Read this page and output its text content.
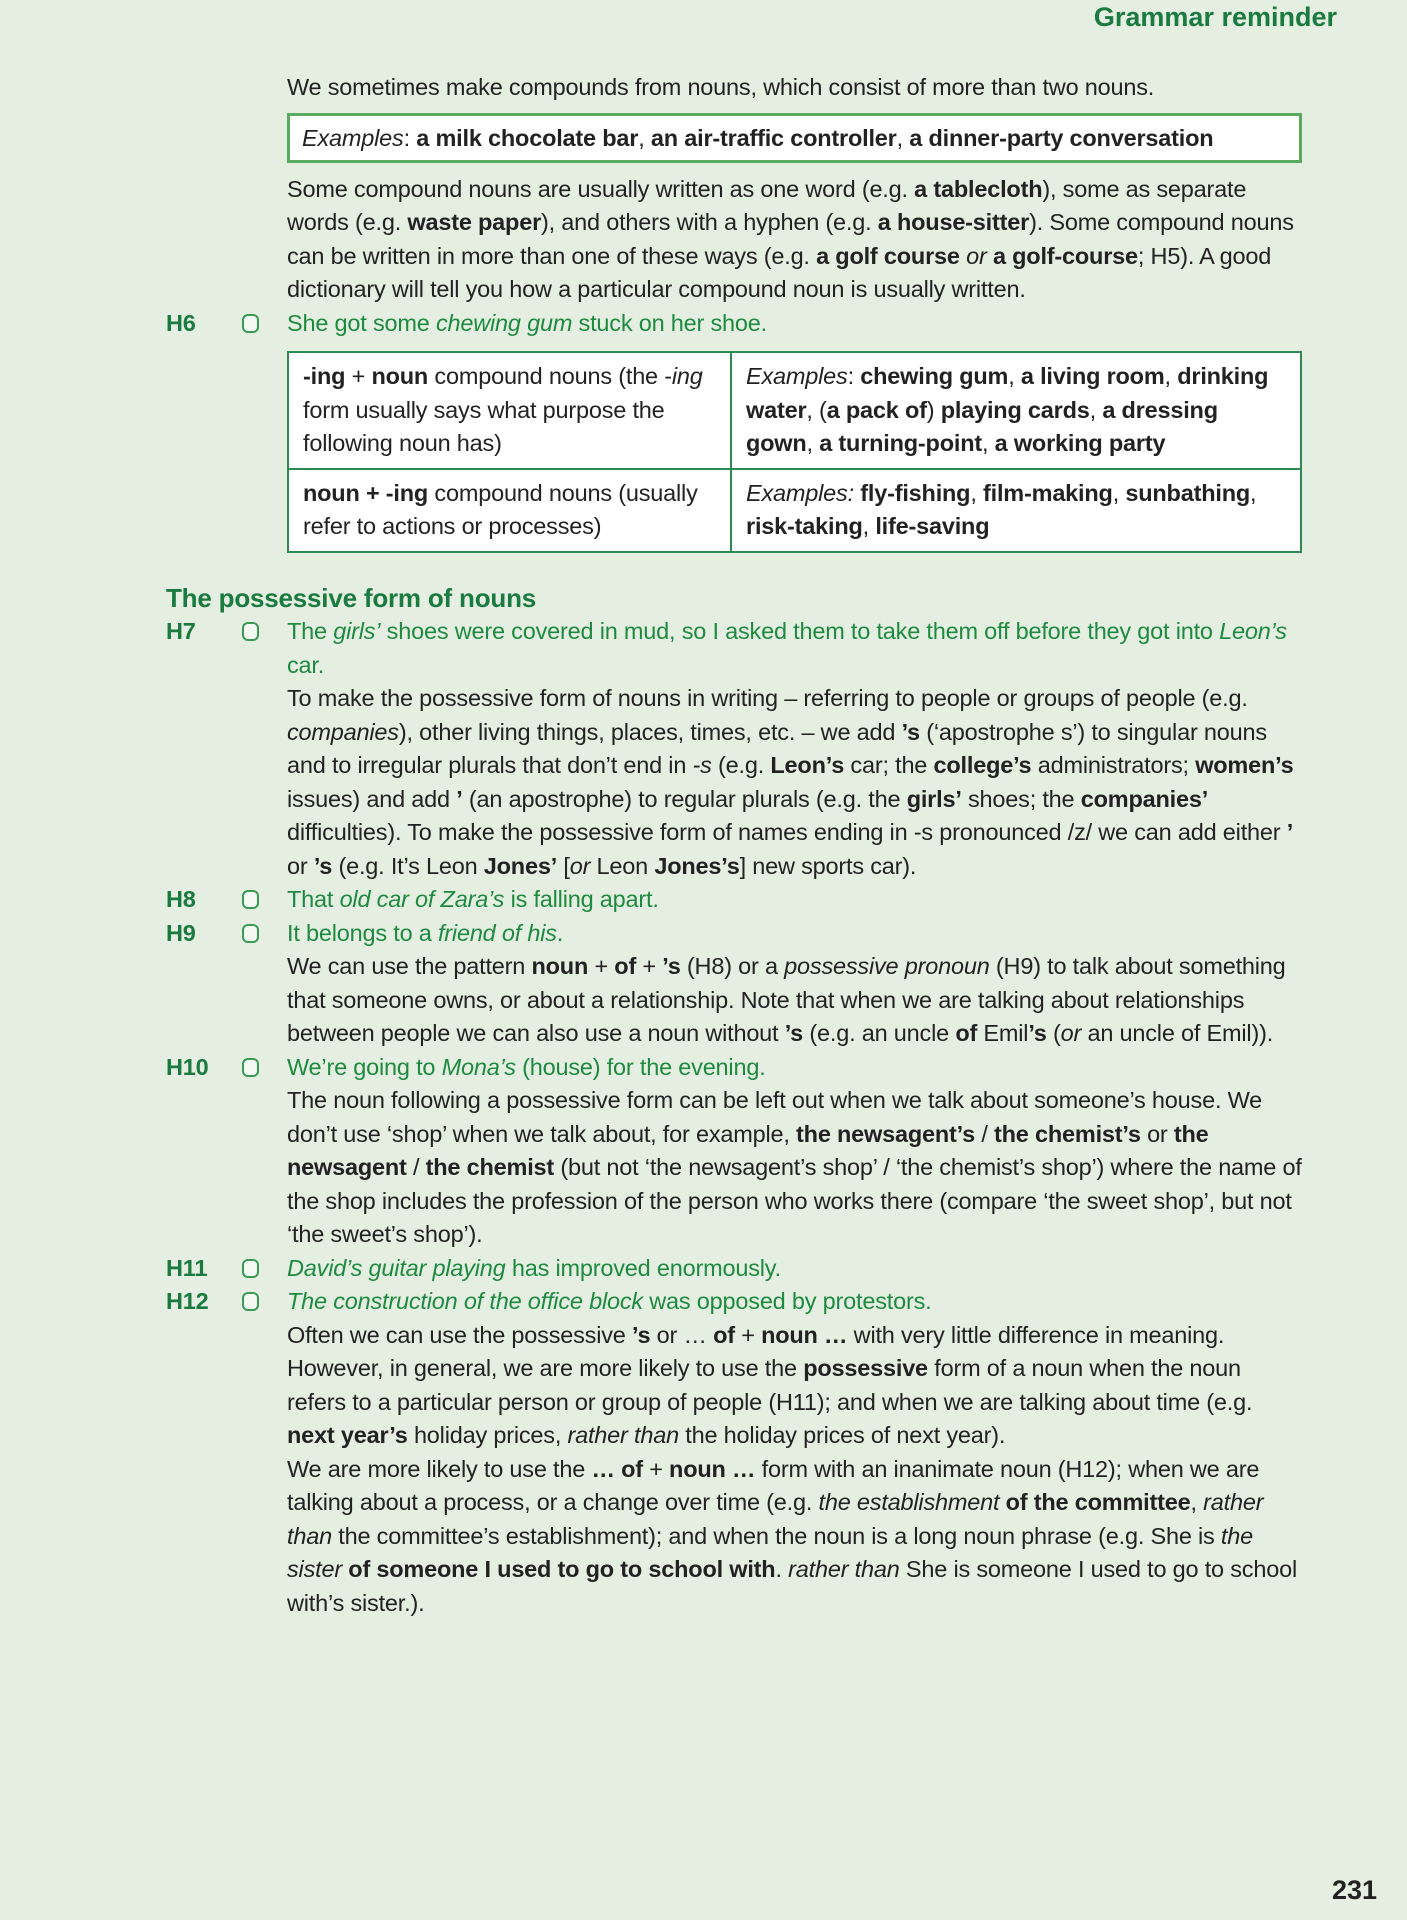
Grammar reminder

We sometimes make compounds from nouns, which consist of more than two nouns.

Examples: a milk chocolate bar, an air-traffic controller, a dinner-party conversation

Some compound nouns are usually written as one word (e.g. a tablecloth), some as separate words (e.g. waste paper), and others with a hyphen (e.g. a house-sitter). Some compound nouns can be written in more than one of these ways (e.g. a golf course or a golf-course; H5). A good dictionary will tell you how a particular compound noun is usually written.

H6	She got some chewing gum stuck on her shoe.

-ing + noun compound nouns (the -ing form usually says what purpose the following noun has)	Examples: chewing gum, a living room, drinking water, (a pack of) playing cards, a dressing gown, a turning-point, a working party
noun + -ing compound nouns (usually refer to actions or processes)	Examples: fly-fishing, film-making, sunbathing, risk-taking, life-saving

The possessive form of nouns

H7	The girls’ shoes were covered in mud, so I asked them to take them off before they got into Leon’s car.

To make the possessive form of nouns in writing – referring to people or groups of people (e.g. companies), other living things, places, times, etc. – we add ’s (‘apostrophe s’) to singular nouns and to irregular plurals that don’t end in -s (e.g. Leon’s car; the college’s administrators; women’s issues) and add ’ (an apostrophe) to regular plurals (e.g. the girls’ shoes; the companies’ difficulties). To make the possessive form of names ending in -s pronounced /z/ we can add either ’ or ’s (e.g. It’s Leon Jones’ [or Leon Jones’s] new sports car).

H8	That old car of Zara’s is falling apart.

H9	It belongs to a friend of his.

We can use the pattern noun + of + ’s (H8) or a possessive pronoun (H9) to talk about something that someone owns, or about a relationship. Note that when we are talking about relationships between people we can also use a noun without ’s (e.g. an uncle of Emil’s (or an uncle of Emil)).

H10	We’re going to Mona’s (house) for the evening.

The noun following a possessive form can be left out when we talk about someone’s house. We don’t use ‘shop’ when we talk about, for example, the newsagent’s / the chemist’s or the newsagent / the chemist (but not ‘the newsagent’s shop’ / ‘the chemist’s shop’) where the name of the shop includes the profession of the person who works there (compare ‘the sweet shop’, but not ‘the sweet’s shop’).

H11	David’s guitar playing has improved enormously.

H12	The construction of the office block was opposed by protestors.

Often we can use the possessive ’s or … of + noun … with very little difference in meaning. However, in general, we are more likely to use the possessive form of a noun when the noun refers to a particular person or group of people (H11); and when we are talking about time (e.g. next year’s holiday prices, rather than the holiday prices of next year).

We are more likely to use the … of + noun … form with an inanimate noun (H12); when we are talking about a process, or a change over time (e.g. the establishment of the committee, rather than the committee’s establishment); and when the noun is a long noun phrase (e.g. She is the sister of someone I used to go to school with. rather than She is someone I used to go to school with’s sister.).

231
